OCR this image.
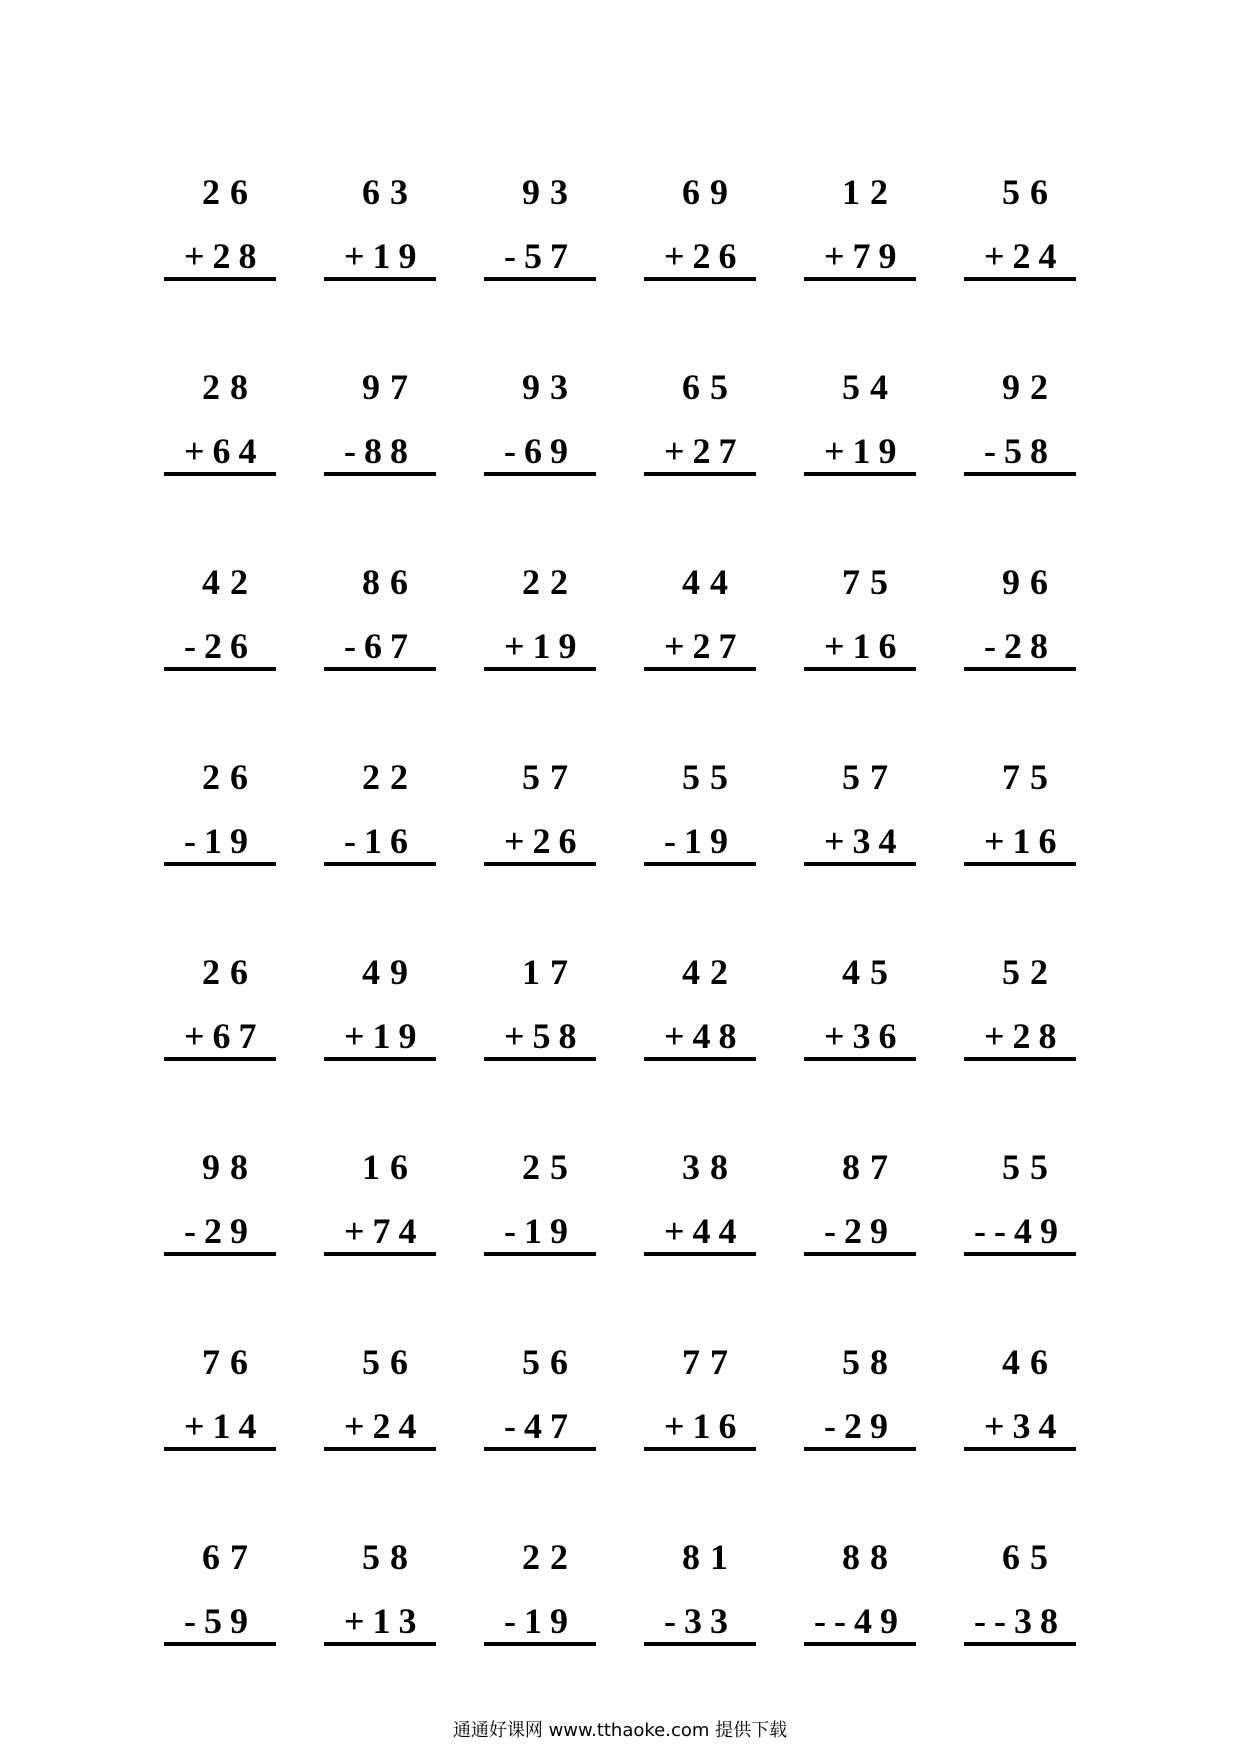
26
+28
63
+19
93
-57
69
+26
12
+79
56
+24
28
+64
97
-88
93
-69
65
+27
54
+19
92
-58
42
-26
86
-67
22
+19
44
+27
75
+16
96
-28
26
-19
22
-16
57
+26
55
-19
57
+34
75
+16
26
+67
49
+19
17
+58
42
+48
45
+36
52
+28
98
-29
16
+74
25
-19
38
+44
87
-29
55
--49
76
+14
56
+24
56
-47
77
+16
58
-29
46
+34
67
-59
58
+13
22
-19
81
-33
88
--49
65
--38
通通好课网 www.tthaoke.com 提供下载
